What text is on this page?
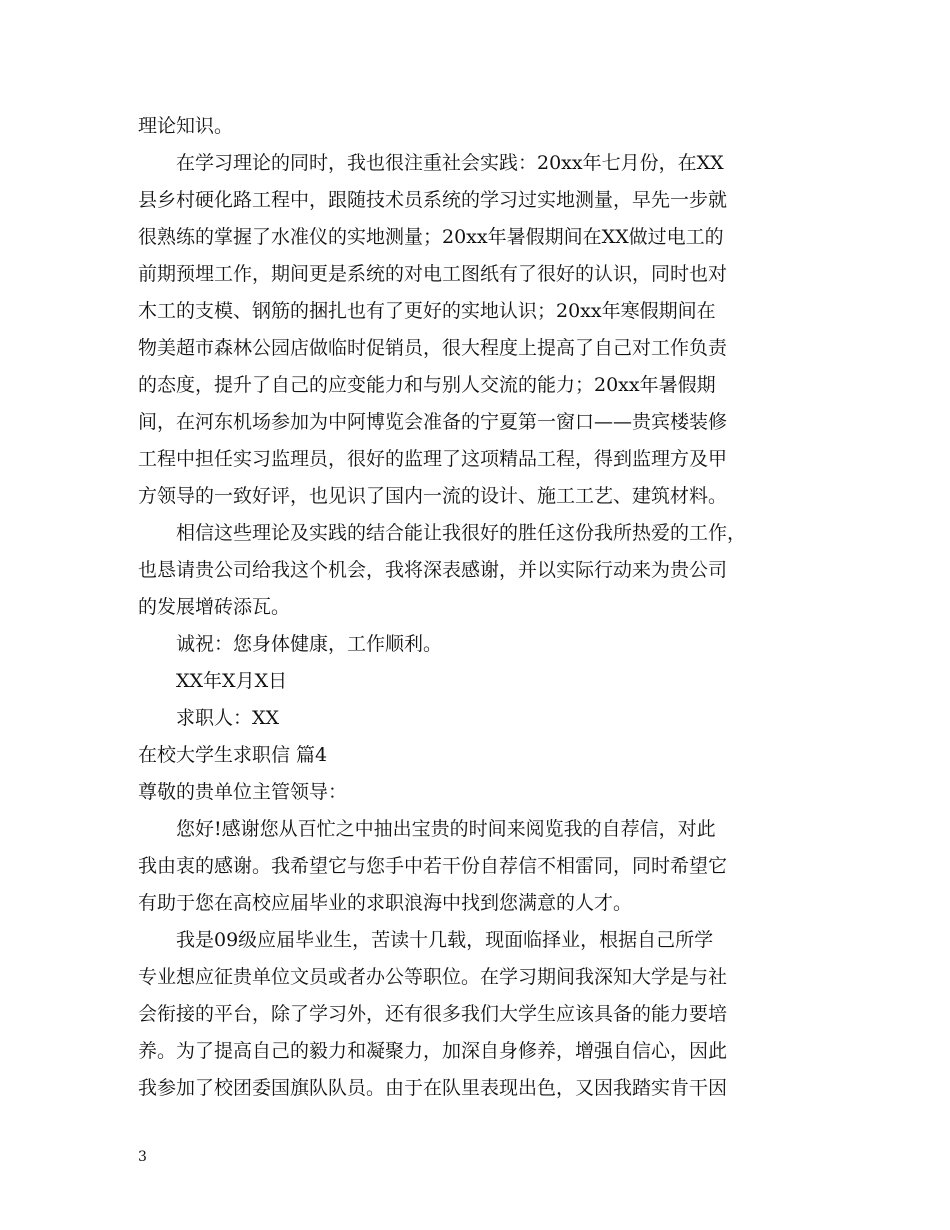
理论知识。
在学习理论的同时，我也很注重社会实践：20xx年七月份，在XX
县乡村硬化路工程中，跟随技术员系统的学习过实地测量，早先一步就
很熟练的掌握了水准仪的实地测量；20xx年暑假期间在XX做过电工的
前期预埋工作，期间更是系统的对电工图纸有了很好的认识，同时也对
木工的支模、钢筋的捆扎也有了更好的实地认识；20xx年寒假期间在
物美超市森林公园店做临时促销员，很大程度上提高了自己对工作负责
的态度，提升了自己的应变能力和与别人交流的能力；20xx年暑假期
间，在河东机场参加为中阿博览会准备的宁夏第一窗口——贵宾楼装修
工程中担任实习监理员，很好的监理了这项精品工程，得到监理方及甲
方领导的一致好评，也见识了国内一流的设计、施工工艺、建筑材料。
相信这些理论及实践的结合能让我很好的胜任这份我所热爱的工作，
也恳请贵公司给我这个机会，我将深表感谢，并以实际行动来为贵公司
的发展增砖添瓦。
诚祝：您身体健康，工作顺利。
XX年X月X日
求职人：XX
在校大学生求职信 篇4
尊敬的贵单位主管领导：
您好!感谢您从百忙之中抽出宝贵的时间来阅览我的自荐信，对此
我由衷的感谢。我希望它与您手中若干份自荐信不相雷同，同时希望它
有助于您在高校应届毕业的求职浪海中找到您满意的人才。
我是09级应届毕业生，苦读十几载，现面临择业，根据自己所学
专业想应征贵单位文员或者办公等职位。在学习期间我深知大学是与社
会衔接的平台，除了学习外，还有很多我们大学生应该具备的能力要培
养。为了提高自己的毅力和凝聚力，加深自身修养，增强自信心，因此
我参加了校团委国旗队队员。由于在队里表现出色，又因我踏实肯干因
3
